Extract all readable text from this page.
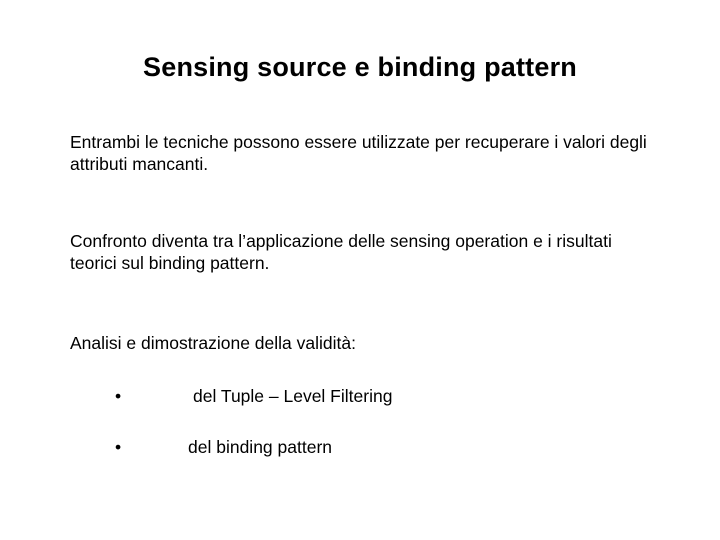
Sensing source e binding pattern
Entrambi le tecniche possono essere utilizzate per recuperare i valori degli attributi mancanti.
Confronto diventa tra l’applicazione delle sensing operation e i risultati teorici sul binding pattern.
Analisi e dimostrazione della validità:
•	del Tuple – Level Filtering
•	del binding pattern
